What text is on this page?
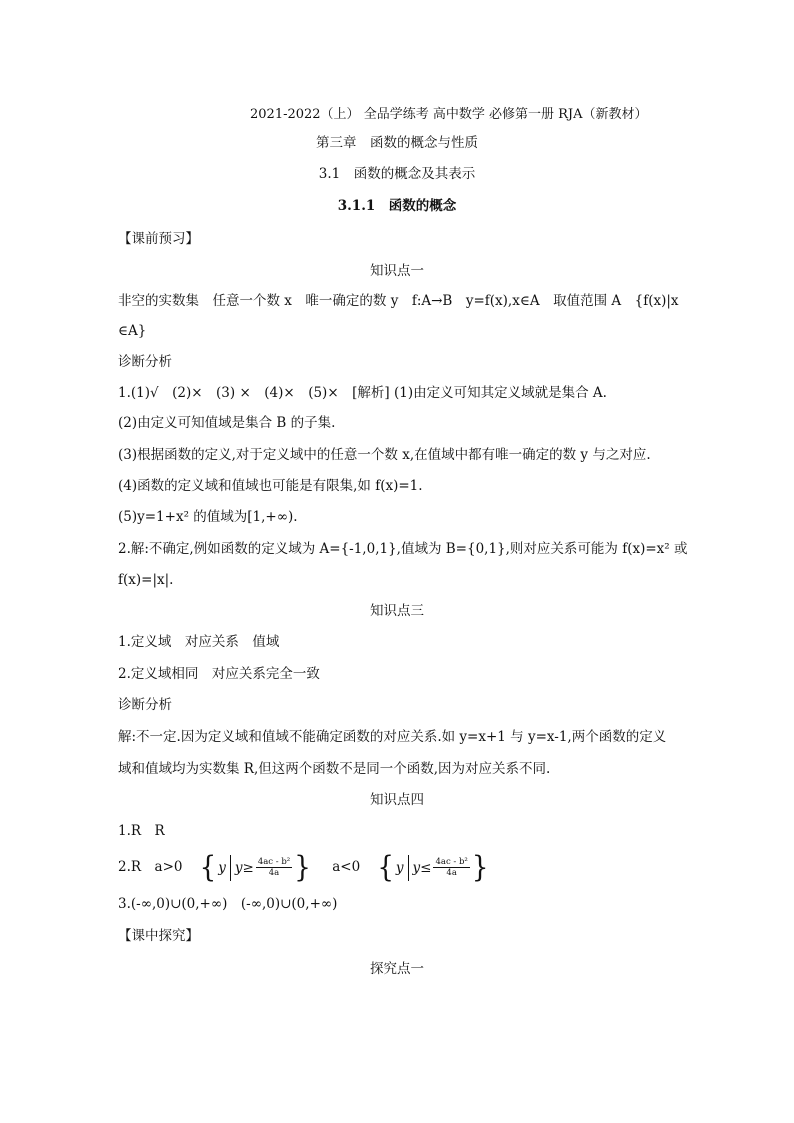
2021-2022（上） 全品学练考 高中数学 必修第一册 RJA（新教材）
第三章　函数的概念与性质
3.1　函数的概念及其表示
3.1.1　函数的概念
【课前预习】
知识点一
非空的实数集　任意一个数 x　唯一确定的数 y　f:A→B　y=f(x),x∈A　取值范围 A　{f(x)|x
∈A}
诊断分析
1.(1)√　(2)×　(3) ×　(4)×　(5)×　[解析] (1)由定义可知其定义域就是集合 A.
(2)由定义可知值域是集合 B 的子集.
(3)根据函数的定义,对于定义域中的任意一个数 x,在值域中都有唯一确定的数 y 与之对应.
(4)函数的定义域和值域也可能是有限集,如 f(x)=1.
(5)y=1+x² 的值域为[1,+∞).
2.解:不确定,例如函数的定义域为 A={-1,0,1},值域为 B={0,1},则对应关系可能为 f(x)=x² 或
f(x)=|x|.
知识点三
1.定义域　对应关系　值域
2.定义域相同　对应关系完全一致
诊断分析
解:不一定.因为定义域和值域不能确定函数的对应关系.如 y=x+1 与 y=x-1,两个函数的定义
域和值域均为实数集 R,但这两个函数不是同一个函数,因为对应关系不同.
知识点四
1.R　R
2.R　a>0 { y $y\ge \frac{\text{4ac - b²}}{4a}$ } a<0 { y $y\le \frac{\text{4ac - b²}}{4a}$ }
3.(-∞,0)∪(0,+∞)　(-∞,0)∪(0,+∞)
【课中探究】
探究点一
